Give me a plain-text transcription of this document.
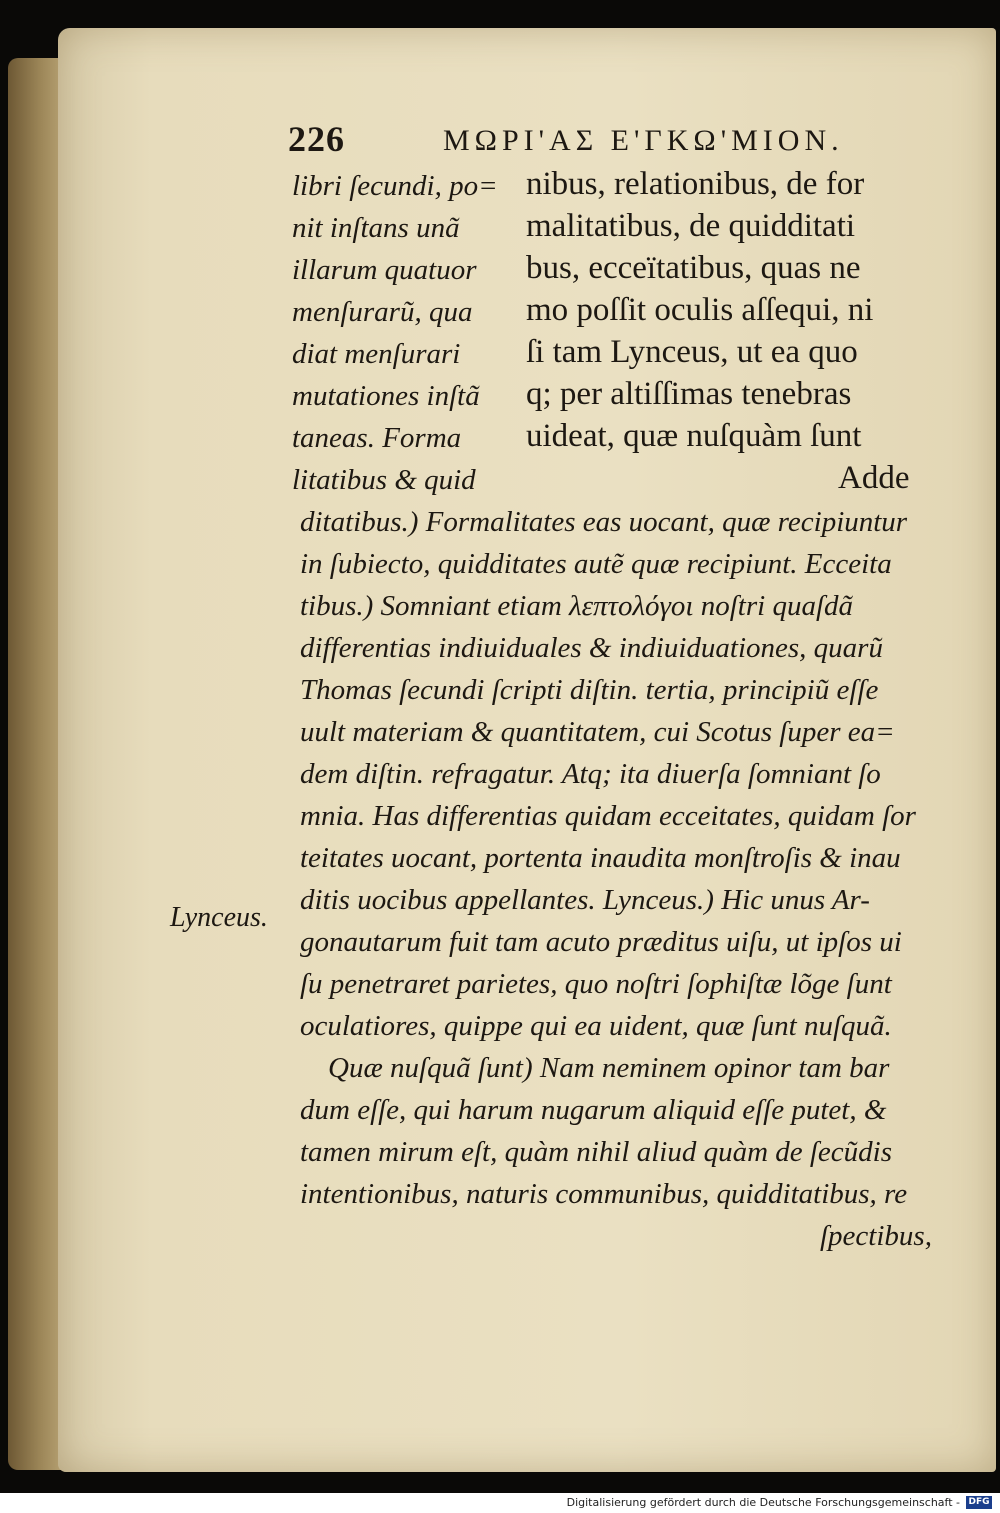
226	ΜΩΡΙ'ΑΣ Ε'ΓΚΩ'ΜΙΟΝ.
libri ſecundi, po=
nit inſtans unã
illarum quatuor
menſurarũ, qua
diat menſurari
mutationes inſtã
taneas. Forma
litatibus & quid
nibus, relationibus, de for
malitatibus, de quidditati
bus, ecceïtatibus, quas ne
mo poſſit oculis aſſequi, ni
ſi tam Lynceus, ut ea quo
q; per altiſſimas tenebras
uideat, quæ nuſquàm ſunt
Adde
ditatibus.) Formalitates eas uocant, quæ recipiuntur
in ſubiecto, quidditates autẽ quæ recipiunt. Ecceita
tibus.) Somniant etiam λεπτολόγοι noſtri quaſdã
differentias indiuiduales & indiuiduationes, quarũ
Thomas ſecundi ſcripti diſtin. tertia, principiũ eſſe
uult materiam & quantitatem, cui Scotus ſuper ea=
dem diſtin. refragatur. Atq; ita diuerſa ſomniant ſo
mnia. Has differentias quidam ecceitates, quidam ſor
teitates uocant, portenta inaudita monſtroſis & inau
ditis uocibus appellantes. Lynceus.) Hic unus Ar-
gonautarum fuit tam acuto præditus uiſu, ut ipſos ui
ſu penetraret parietes, quo noſtri ſophiſtæ lõge ſunt
oculatiores, quippe qui ea uident, quæ ſunt nuſquã.
Quæ nuſquã ſunt) Nam neminem opinor tam bar
dum eſſe, qui harum nugarum aliquid eſſe putet, &
tamen mirum eſt, quàm nihil aliud quàm de ſecũdis
intentionibus, naturis communibus, quidditatibus, re
ſpectibus,
Lynceus.
Digitalisierung gefördert durch die Deutsche Forschungsgemeinschaft - DFG
